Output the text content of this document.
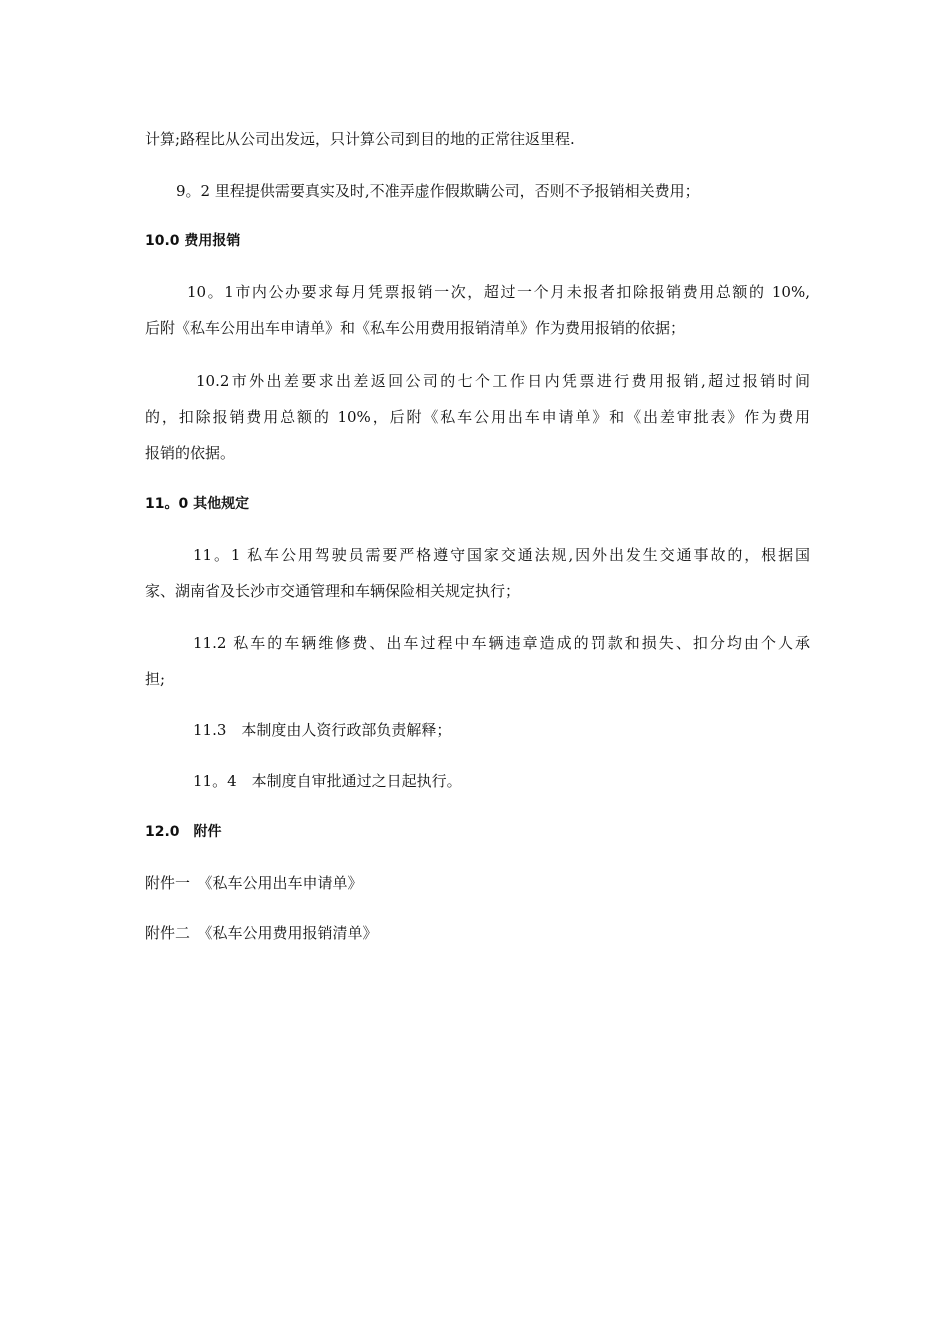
计算;路程比从公司出发远，只计算公司到目的地的正常往返里程.
9。2 里程提供需要真实及时,不准弄虚作假欺瞒公司，否则不予报销相关费用；
10.0 费用报销
10。1市内公办要求每月凭票报销一次，超过一个月未报者扣除报销费用总额的 10%,
后附《私车公用出车申请单》和《私车公用费用报销清单》作为费用报销的依据；
10.2市外出差要求出差返回公司的七个工作日内凭票进行费用报销,超过报销时间
的，扣除报销费用总额的 10%，后附《私车公用出车申请单》和《出差审批表》作为费用
报销的依据。
11。0 其他规定
11。1 私车公用驾驶员需要严格遵守国家交通法规,因外出发生交通事故的，根据国
家、湖南省及长沙市交通管理和车辆保险相关规定执行；
11.2 私车的车辆维修费、出车过程中车辆违章造成的罚款和损失、扣分均由个人承
担;
11.3　本制度由人资行政部负责解释；
11。4　本制度自审批通过之日起执行。
12.0　附件
附件一　《私车公用出车申请单》
附件二　《私车公用费用报销清单》
